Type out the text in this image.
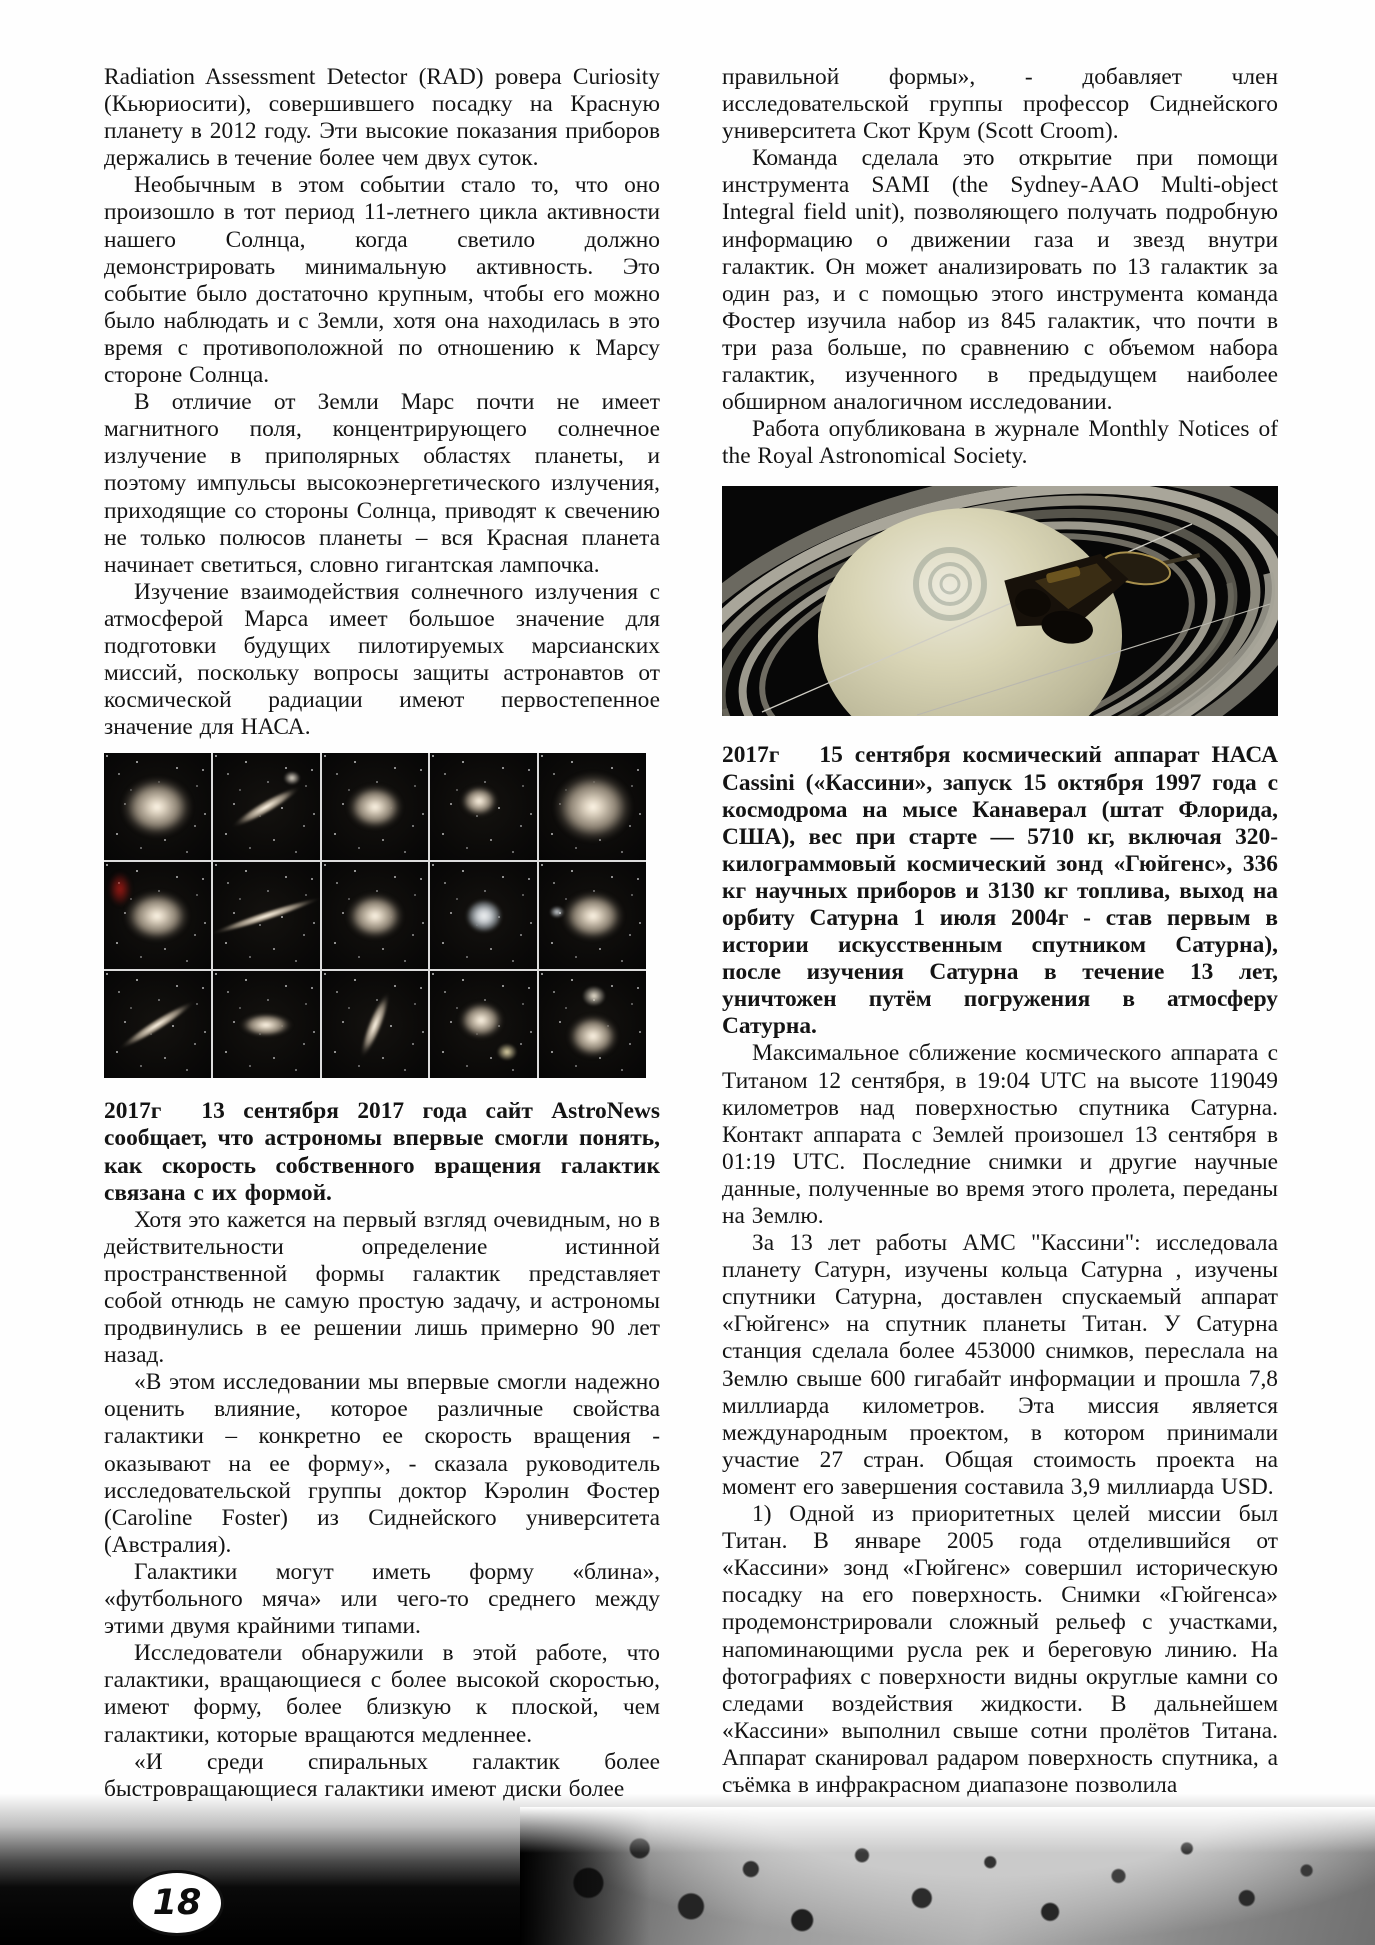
18

Radiation Assessment Detector (RAD) ровера Curiosity (Кьюриосити), совершившего посадку на Красную планету в 2012 году. Эти высокие показания приборов держались в течение более чем двух суток.

Необычным в этом событии стало то, что оно произошло в тот период 11-летнего цикла активности нашего Солнца, когда светило должно демонстрировать минимальную активность. Это событие было достаточно крупным, чтобы его можно было наблюдать и с Земли, хотя она находилась в это время с противоположной по отношению к Марсу стороне Солнца.

В отличие от Земли Марс почти не имеет магнитного поля, концентрирующего солнечное излучение в приполярных областях планеты, и поэтому импульсы высокоэнергетического излучения, приходящие со стороны Солнца, приводят к свечению не только полюсов планеты – вся Красная планета начинает светиться, словно гигантская лампочка.

Изучение взаимодействия солнечного излучения с атмосферой Марса имеет большое значение для подготовки будущих пилотируемых марсианских миссий, поскольку вопросы защиты астронавтов от космической радиации имеют первостепенное значение для НАСА.

2017г 13 сентября 2017 года сайт AstroNews сообщает, что астрономы впервые смогли понять, как скорость собственного вращения галактик связана с их формой.

Хотя это кажется на первый взгляд очевидным, но в действительности определение истинной пространственной формы галактик представляет собой отнюдь не самую простую задачу, и астрономы продвинулись в ее решении лишь примерно 90 лет назад.

«В этом исследовании мы впервые смогли надежно оценить влияние, которое различные свойства галактики – конкретно ее скорость вращения - оказывают на ее форму», - сказала руководитель исследовательской группы доктор Кэролин Фостер (Caroline Foster) из Сиднейского университета (Австралия).

Галактики могут иметь форму «блина», «футбольного мяча» или чего-то среднего между этими двумя крайними типами.

Исследователи обнаружили в этой работе, что галактики, вращающиеся с более высокой скоростью, имеют форму, более близкую к плоской, чем галактики, которые вращаются медленнее.

«И среди спиральных галактик более быстровращающиеся галактики имеют диски более

правильной формы», - добавляет член исследовательской группы профессор Сиднейского университета Скот Крум (Scott Croom).

Команда сделала это открытие при помощи инструмента SAMI (the Sydney-AAO Multi-object Integral field unit), позволяющего получать подробную информацию о движении газа и звезд внутри галактик. Он может анализировать по 13 галактик за один раз, и с помощью этого инструмента команда Фостер изучила набор из 845 галактик, что почти в три раза больше, по сравнению с объемом набора галактик, изученного в предыдущем наиболее обширном аналогичном исследовании.

Работа опубликована в журнале Monthly Notices of the Royal Astronomical Society.

2017г 15 сентября космический аппарат НАСА Cassini («Кассини», запуск 15 октября 1997 года с космодрома на мысе Канаверал (штат Флорида, США), вес при старте — 5710 кг, включая 320-килограммовый космический зонд «Гюйгенс», 336 кг научных приборов и 3130 кг топлива, выход на орбиту Сатурна 1 июля 2004г - став первым в истории искусственным спутником Сатурна), после изучения Сатурна в течение 13 лет, уничтожен путём погружения в атмосферу Сатурна.

Максимальное сближение космического аппарата с Титаном 12 сентября, в 19:04 UTC на высоте 119049 километров над поверхностью спутника Сатурна. Контакт аппарата с Землей произошел 13 сентября в 01:19 UTC. Последние снимки и другие научные данные, полученные во время этого пролета, переданы на Землю.

За 13 лет работы АМС "Кассини": исследовала планету Сатурн, изучены кольца Сатурна , изучены спутники Сатурна, доставлен спускаемый аппарат «Гюйгенс» на спутник планеты Титан. У Сатурна станция сделала более 453000 снимков, переслала на Землю свыше 600 гигабайт информации и прошла 7,8 миллиарда километров. Эта миссия является международным проектом, в котором принимали участие 27 стран. Общая стоимость проекта на момент его завершения составила 3,9 миллиарда USD.

1) Одной из приоритетных целей миссии был Титан. В январе 2005 года отделившийся от «Кассини» зонд «Гюйгенс» совершил историческую посадку на его поверхность. Снимки «Гюйгенса» продемонстрировали сложный рельеф с участками, напоминающими русла рек и береговую линию. На фотографиях с поверхности видны округлые камни со следами воздействия жидкости. В дальнейшем «Кассини» выполнил свыше сотни пролётов Титана. Аппарат сканировал радаром поверхность спутника, а съёмка в инфракрасном диапазоне позволила
